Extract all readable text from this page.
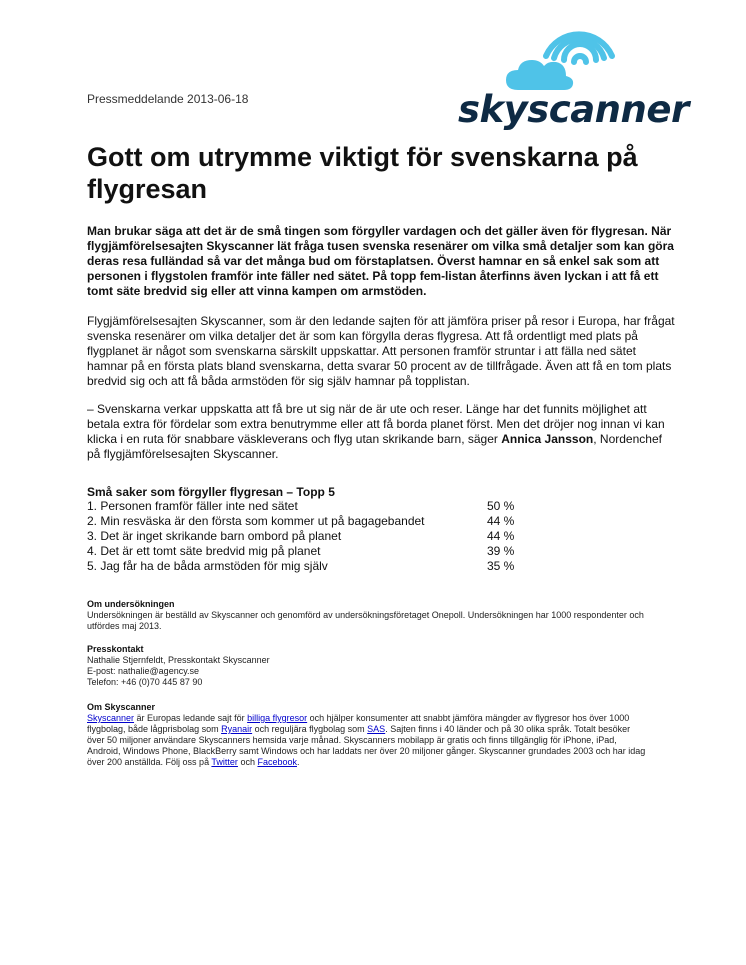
Pressmeddelande 2013-06-18	skyscanner
Gott om utrymme viktigt för svenskarna på flygresan

Man brukar säga att det är de små tingen som förgyller vardagen och det gäller även för flygresan. När flygjämförelsesajten Skyscanner lät fråga tusen svenska resenärer om vilka små detaljer som kan göra deras resa fulländad så var det många bud om förstaplatsen. Överst hamnar en så enkel sak som att personen i flygstolen framför inte fäller ned sätet. På topp fem-listan återfinns även lyckan i att få ett tomt säte bredvid sig eller att vinna kampen om armstöden.

Flygjämförelsesajten Skyscanner, som är den ledande sajten för att jämföra priser på resor i Europa, har frågat svenska resenärer om vilka detaljer det är som kan förgylla deras flygresa. Att få ordentligt med plats på flygplanet är något som svenskarna särskilt uppskattar. Att personen framför struntar i att fälla ned sätet hamnar på en första plats bland svenskarna, detta svarar 50 procent av de tillfrågade. Även att få en tom plats bredvid sig och att få båda armstöden för sig själv hamnar på topplistan.

– Svenskarna verkar uppskatta att få bre ut sig när de är ute och reser. Länge har det funnits möjlighet att betala extra för fördelar som extra benutrymme eller att få borda planet först. Men det dröjer nog innan vi kan klicka i en ruta för snabbare väskleverans och flyg utan skrikande barn, säger Annica Jansson, Nordenchef på flygjämförelsesajten Skyscanner.

Små saker som förgyller flygresan – Topp 5
1. Personen framför fäller inte ned sätet	50 %
2. Min resväska är den första som kommer ut på bagagebandet	44 %
3. Det är inget skrikande barn ombord på planet	44 %
4. Det är ett tomt säte bredvid mig på planet	39 %
5. Jag får ha de båda armstöden för mig själv	35 %
Om undersökningen

Undersökningen är beställd av Skyscanner och genomförd av undersökningsföretaget Onepoll. Undersökningen har 1000 respondenter och utfördes maj 2013.

Presskontakt

Nathalie Stjernfeldt, Presskontakt Skyscanner
E-post: nathalie@agency.se
Telefon: +46 (0)70 445 87 90

Om Skyscanner

Skyscanner är Europas ledande sajt för billiga flygresor och hjälper konsumenter att snabbt jämföra mängder av flygresor hos över 1000 flygbolag, både lågprisbolag som Ryanair och reguljära flygbolag som SAS. Sajten finns i 40 länder och på 30 olika språk. Totalt besöker över 50 miljoner användare Skyscanners hemsida varje månad. Skyscanners mobilapp är gratis och finns tillgänglig för iPhone, iPad, Android, Windows Phone, BlackBerry samt Windows och har laddats ner över 20 miljoner gånger. Skyscanner grundades 2003 och har idag över 200 anställda. Följ oss på Twitter och Facebook.
